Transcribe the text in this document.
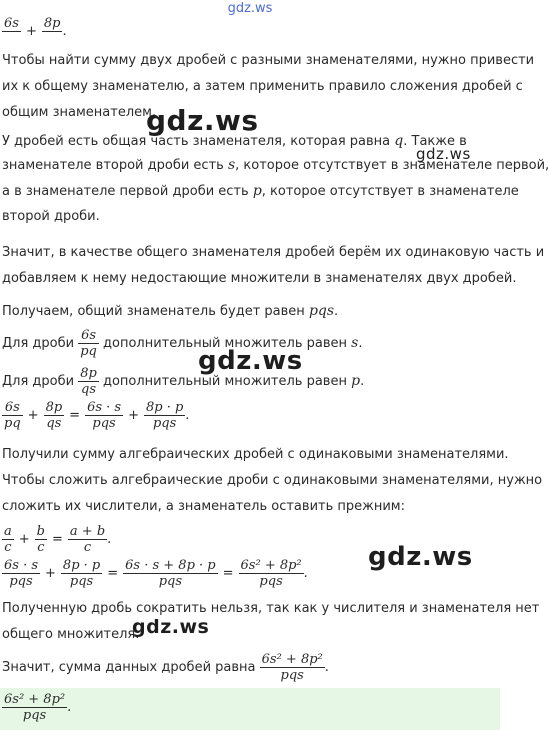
gdz.ws
6s

+
8p

.
Чтобы найти сумму двух дробей с разными знаменателями, нужно привести
их к общему знаменателю, а затем применить правило сложения дробей с
общим знаменателем.
У дробей есть общая часть знаменателя, которая равна q. Также в
знаменателе второй дроби есть s, которое отсутствует в знаменателе первой,
а в знаменателе первой дроби есть p, которое отсутствует в знаменателе
второй дроби.
Значит, в качестве общего знаменателя дробей берём их одинаковую часть и
добавляем к нему недостающие множители в знаменателях двух дробей.
Получаем, общий знаменатель будет равен pqs.
Для дроби $\frac{6s}{pq}$ дополнительный множитель равен s.
Для дроби $\frac{8p}{qs}$ дополнительный множитель равен p.
$\frac{6s}{pq} + \frac{8p}{qs}$ =
6s · s
pqs
+
8p · p
pqs
.
Получили сумму алгебраических дробей с одинаковыми знаменателями.
Чтобы сложить алгебраические дроби с одинаковыми знаменателями, нужно
сложить их числители, а знаменатель оставить прежним:
$\frac{a}{c} + \frac{b}{c} = \frac{a + b}{c}$ .
6s · s
pqs
+
8p · p
pqs
=
6s · s + 8p · p
pqs
=
6s² + 8p²
pqs
.
Полученную дробь сократить нельзя, так как у числителя и знаменателя нет
общего множителя.
Значит, сумма данных дробей равна
6s² + 8p²
pqs
.
6s² + 8p²
pqs
.
gdz.ws
gdz.ws
gdz.ws
gdz.ws
gdz.ws
